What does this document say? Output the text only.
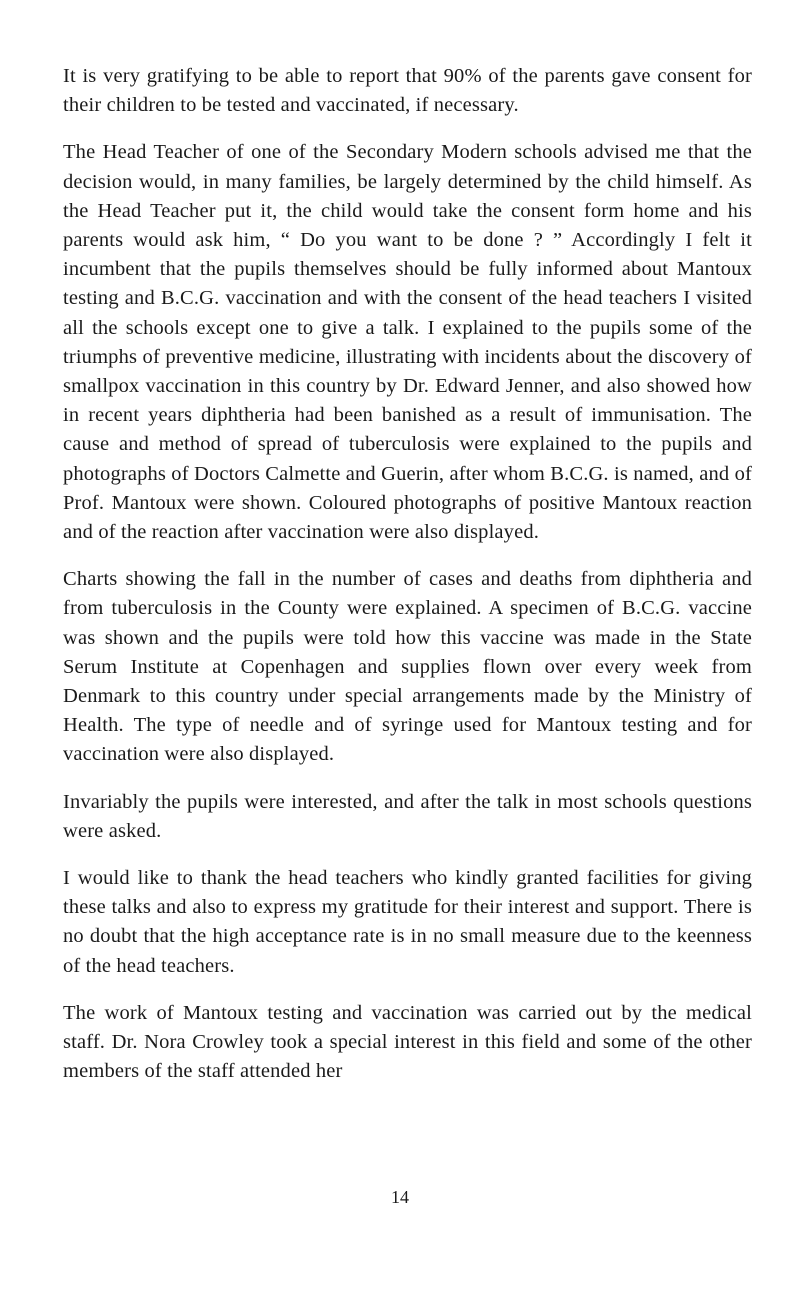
It is very gratifying to be able to report that 90% of the parents gave consent for their children to be tested and vaccinated, if necessary.

The Head Teacher of one of the Secondary Modern schools advised me that the decision would, in many families, be largely determined by the child himself. As the Head Teacher put it, the child would take the consent form home and his parents would ask him, “ Do you want to be done ? ” Accordingly I felt it incumbent that the pupils themselves should be fully informed about Mantoux testing and B.C.G. vaccination and with the consent of the head teachers I visited all the schools except one to give a talk. I explained to the pupils some of the triumphs of preventive medicine, illustrating with incidents about the discovery of smallpox vaccination in this country by Dr. Edward Jenner, and also showed how in recent years diphtheria had been banished as a result of immunisation. The cause and method of spread of tuberculosis were explained to the pupils and photographs of Doctors Calmette and Guerin, after whom B.C.G. is named, and of Prof. Mantoux were shown. Coloured photographs of positive Mantoux reaction and of the reaction after vaccination were also displayed.

Charts showing the fall in the number of cases and deaths from diphtheria and from tuberculosis in the County were explained. A specimen of B.C.G. vaccine was shown and the pupils were told how this vaccine was made in the State Serum Institute at Copenhagen and supplies flown over every week from Denmark to this country under special arrangements made by the Ministry of Health. The type of needle and of syringe used for Mantoux testing and for vaccination were also displayed.

Invariably the pupils were interested, and after the talk in most schools questions were asked.

I would like to thank the head teachers who kindly granted facilities for giving these talks and also to express my gratitude for their interest and support. There is no doubt that the high acceptance rate is in no small measure due to the keenness of the head teachers.

The work of Mantoux testing and vaccination was carried out by the medical staff. Dr. Nora Crowley took a special interest in this field and some of the other members of the staff attended her

14
